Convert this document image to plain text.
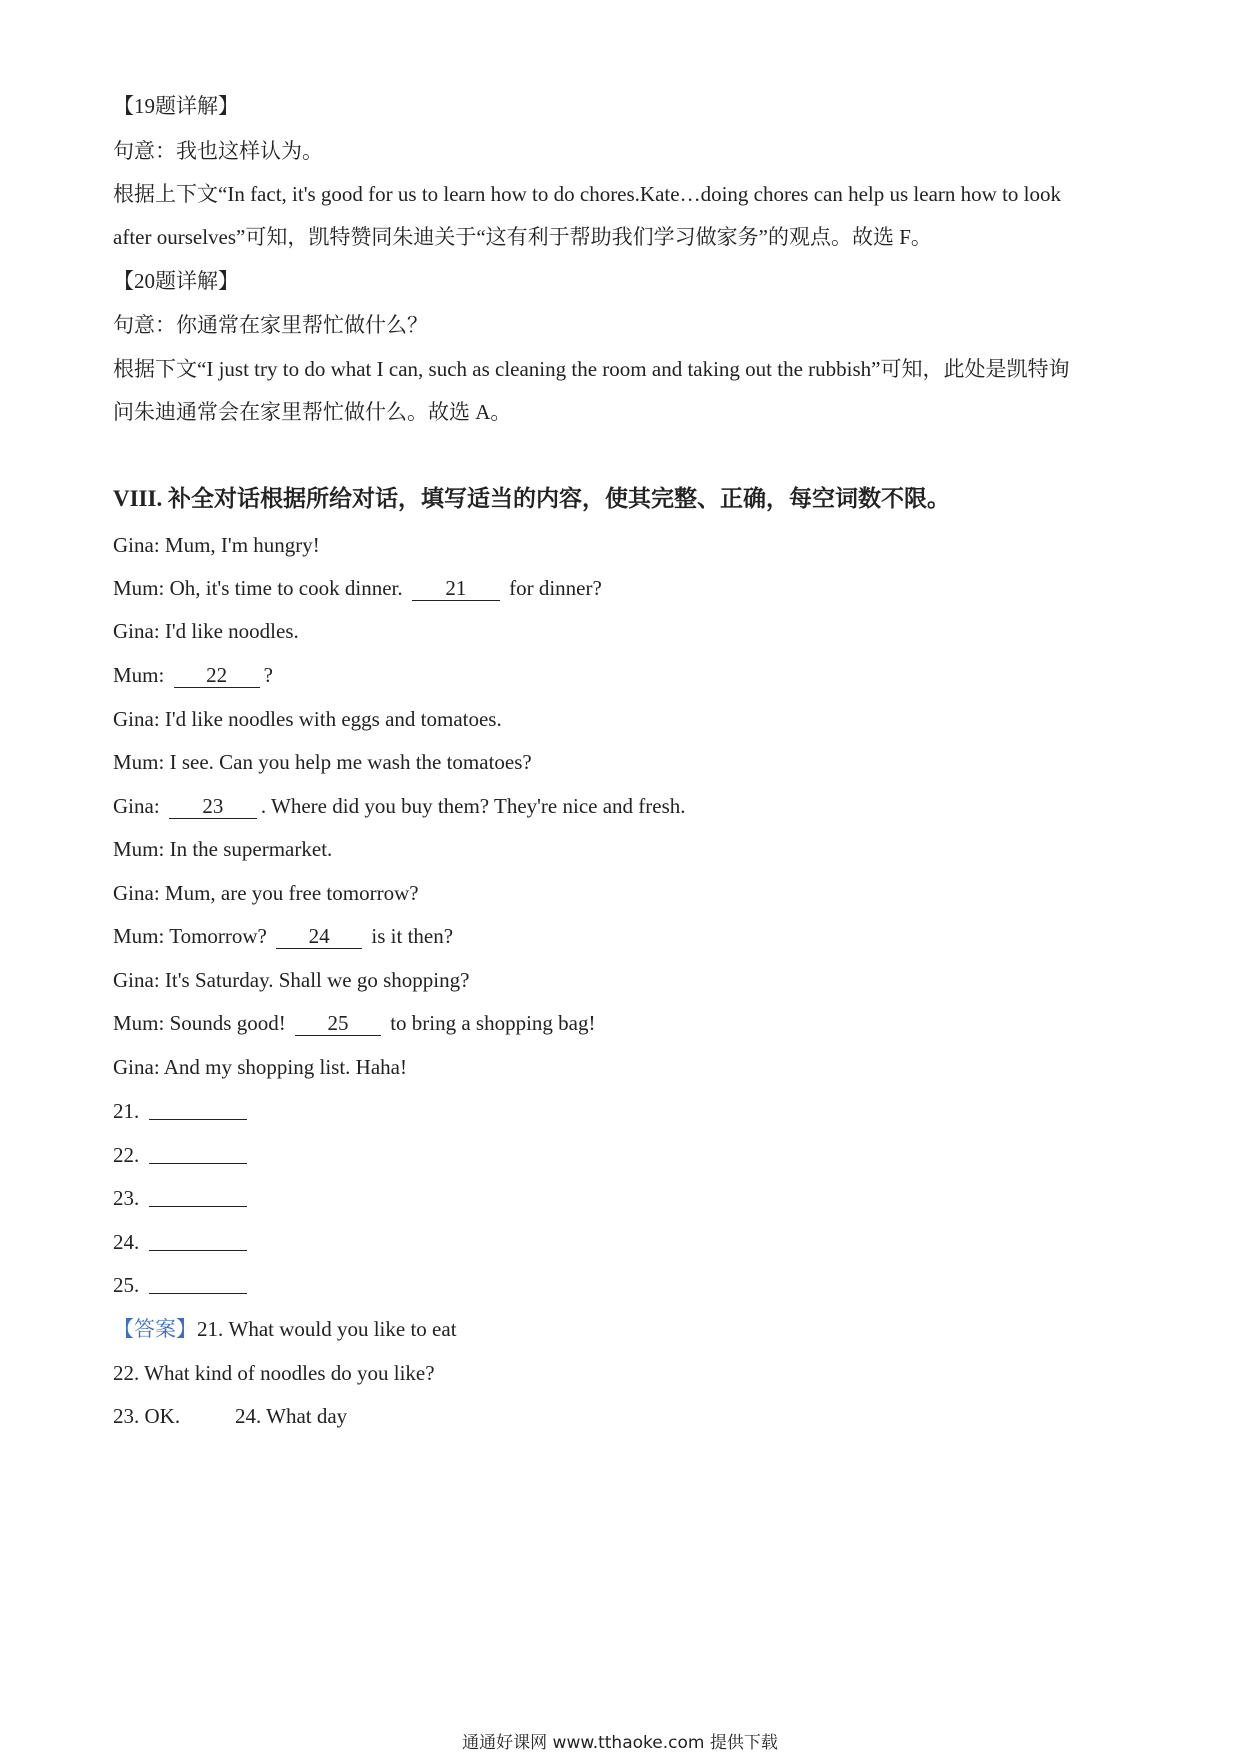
【19题详解】
句意：我也这样认为。
根据上下文“In fact, it's good for us to learn how to do chores.Kate…doing chores can help us learn how to look
after ourselves”可知，凯特赞同朱迪关于“这有利于帮助我们学习做家务”的观点。故选 F。
【20题详解】
句意：你通常在家里帮忙做什么？
根据下文“I just try to do what I can, such as cleaning the room and taking out the rubbish”可知，此处是凯特询
问朱迪通常会在家里帮忙做什么。故选 A。
VIII. 补全对话根据所给对话，填写适当的内容，使其完整、正确，每空词数不限。
Gina: Mum, I'm hungry!
Mum: Oh, it's time to cook dinner. 21 for dinner?
Gina: I'd like noodles.
Mum: 22 ?
Gina: I'd like noodles with eggs and tomatoes.
Mum: I see. Can you help me wash the tomatoes?
Gina: 23 . Where did you buy them? They're nice and fresh.
Mum: In the supermarket.
Gina: Mum, are you free tomorrow?
Mum: Tomorrow? 24 is it then?
Gina: It's Saturday. Shall we go shopping?
Mum: Sounds good! 25 to bring a shopping bag!
Gina: And my shopping list. Haha!
21.
22.
23.
24.
25.
【答案】21. What would you like to eat
22. What kind of noodles do you like?
23. OK.	24. What day
通通好课网 www.tthaoke.com 提供下载
